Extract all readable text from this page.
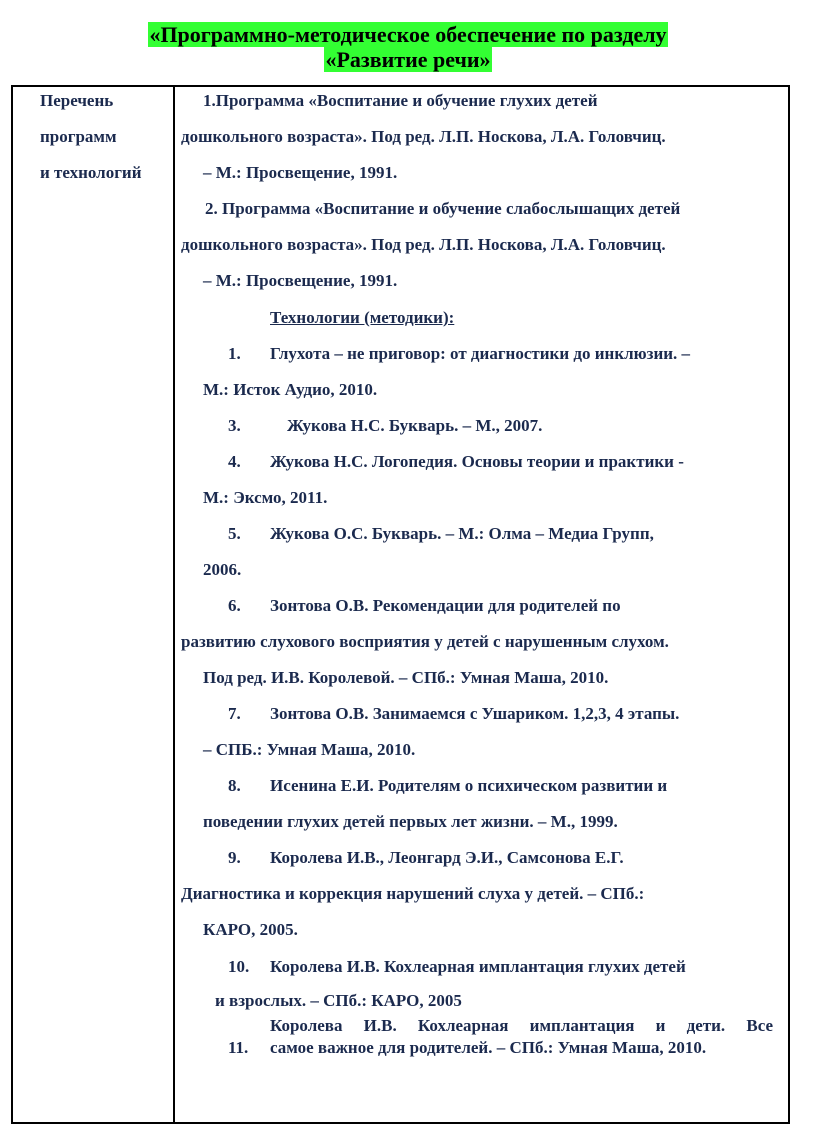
«Программно-методическое обеспечение по разделу
«Развитие речи»
Перечень
программ
и технологий
1.Программа «Воспитание и обучение глухих детей
дошкольного возраста». Под ред. Л.П. Носкова, Л.А. Головчиц.
– М.: Просвещение, 1991.
2. Программа «Воспитание и обучение слабослышащих детей
дошкольного возраста». Под ред. Л.П. Носкова, Л.А. Головчиц.
– М.: Просвещение, 1991.
Технологии (методики):
1. Глухота – не приговор: от диагностики до инклюзии. –
М.: Исток Аудио, 2010.
3.	Жукова Н.С. Букварь. – М., 2007.
4. Жукова Н.С. Логопедия. Основы теории и практики -
М.: Эксмо, 2011.
5. Жукова О.С. Букварь. – М.: Олма – Медиа Групп,
2006.
6. Зонтова О.В. Рекомендации для родителей по
развитию слухового восприятия у детей с нарушенным слухом.
Под ред. И.В. Королевой. – СПб.: Умная Маша, 2010.
7. Зонтова О.В. Занимаемся с Ушариком. 1,2,3, 4 этапы.
– СПБ.: Умная Маша, 2010.
8. Исенина Е.И. Родителям о психическом развитии и
поведении глухих детей первых лет жизни. – М., 1999.
9. Королева И.В., Леонгард Э.И., Самсонова Е.Г.
Диагностика и коррекция нарушений слуха у детей. – СПб.:
КАРО, 2005.
10. Королева И.В. Кохлеарная имплантация глухих детей
и взрослых. – СПб.: КАРО, 2005
Королева И.В. Кохлеарная имплантация и дети. Все
11. самое важное для родителей. – СПб.: Умная Маша, 2010.
